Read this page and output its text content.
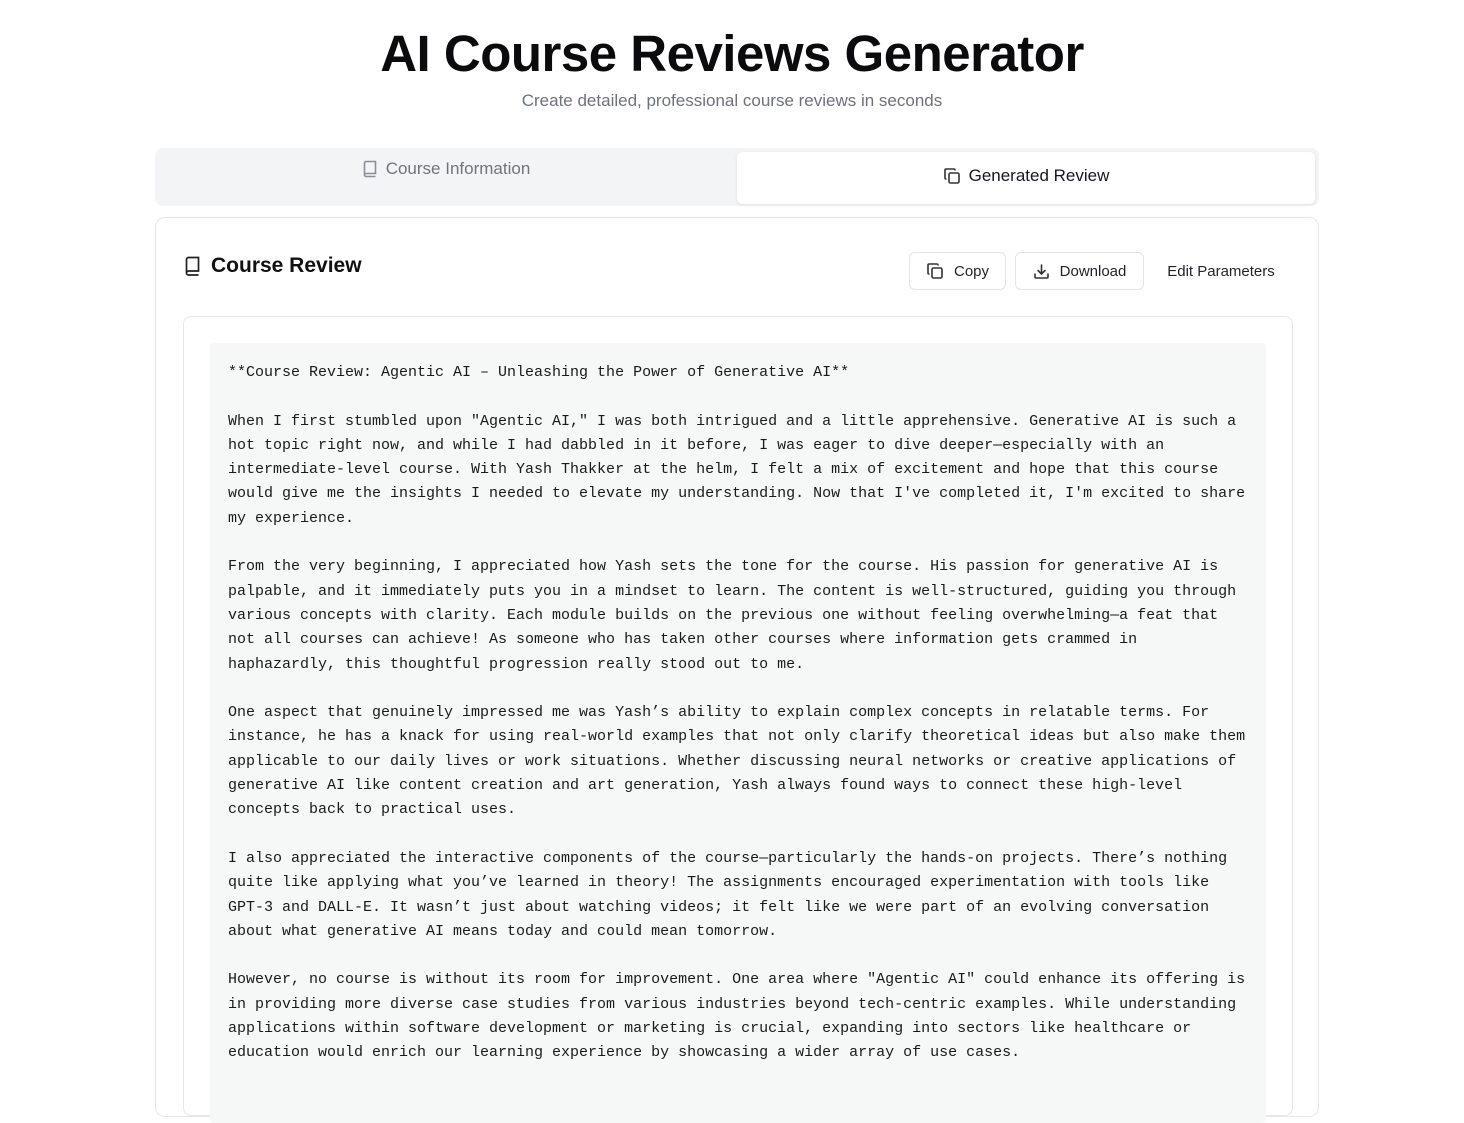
AI Course Reviews Generator
Create detailed, professional course reviews in seconds
Course Information	Generated Review
Course Review	Copy	Download	Edit Parameters

**Course Review: Agentic AI – Unleashing the Power of Generative AI**

When I first stumbled upon "Agentic AI," I was both intrigued and a little apprehensive. Generative AI is such a hot topic right now, and while I had dabbled in it before, I was eager to dive deeper—especially with an intermediate-level course. With Yash Thakker at the helm, I felt a mix of excitement and hope that this course would give me the insights I needed to elevate my understanding. Now that I've completed it, I'm excited to share my experience.

From the very beginning, I appreciated how Yash sets the tone for the course. His passion for generative AI is palpable, and it immediately puts you in a mindset to learn. The content is well-structured, guiding you through various concepts with clarity. Each module builds on the previous one without feeling overwhelming—a feat that not all courses can achieve! As someone who has taken other courses where information gets crammed in haphazardly, this thoughtful progression really stood out to me.

One aspect that genuinely impressed me was Yash’s ability to explain complex concepts in relatable terms. For instance, he has a knack for using real-world examples that not only clarify theoretical ideas but also make them applicable to our daily lives or work situations. Whether discussing neural networks or creative applications of generative AI like content creation and art generation, Yash always found ways to connect these high-level concepts back to practical uses.

I also appreciated the interactive components of the course—particularly the hands-on projects. There’s nothing quite like applying what you’ve learned in theory! The assignments encouraged experimentation with tools like GPT-3 and DALL-E. It wasn’t just about watching videos; it felt like we were part of an evolving conversation about what generative AI means today and could mean tomorrow.

However, no course is without its room for improvement. One area where "Agentic AI" could enhance its offering is in providing more diverse case studies from various industries beyond tech-centric examples. While understanding applications within software development or marketing is crucial, expanding into sectors like healthcare or education would enrich our learning experience by showcasing a wider array of use cases.
